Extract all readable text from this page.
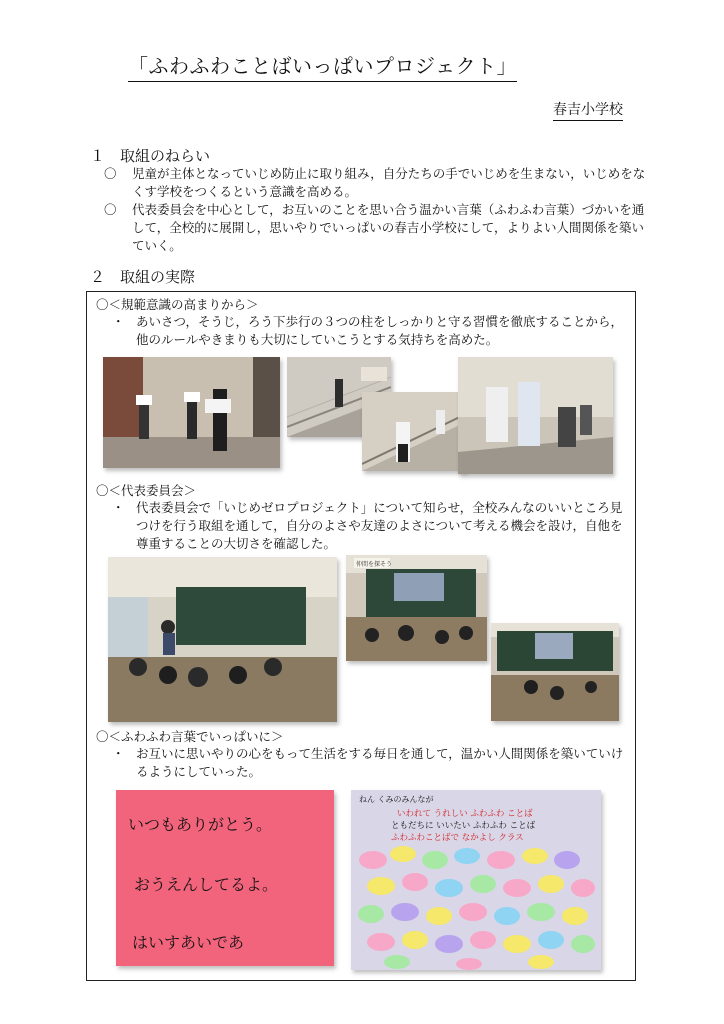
「ふわふわことばいっぱいプロジェクト」
春吉小学校
１　取組のねらい
〇 児童が主体となっていじめ防止に取り組み，自分たちの手でいじめを生まない，いじめをなくす学校をつくるという意識を高める。
〇 代表委員会を中心として，お互いのことを思い合う温かい言葉（ふわふわ言葉）づかいを通して，全校的に展開し，思いやりでいっぱいの春吉小学校にして，よりよい人間関係を築いていく。
２　取組の実際
〇＜規範意識の高まりから＞
・ あいさつ，そうじ，ろう下歩行の３つの柱をしっかりと守る習慣を徹底することから，他のルールやきまりも大切にしていこうとする気持ちを高めた。
〇＜代表委員会＞
・ 代表委員会で「いじめゼロプロジェクト」について知らせ，全校みんなのいいところ見つけを行う取組を通して，自分のよさや友達のよさについて考える機会を設け，自他を尊重することの大切さを確認した。
仲間を探そう
〇＜ふわふわ言葉でいっぱいに＞
・ お互いに思いやりの心をもって生活をする毎日を通して，温かい人間関係を築いていけるようにしていった。
いつもありがとう。
おうえんしてるよ。
はいすあいであ
ねん くみのみんなが
いわれて うれしい ふわふわ ことば
ともだちに いいたい ふわふわ ことば
ふわふわことばで なかよし クラス
